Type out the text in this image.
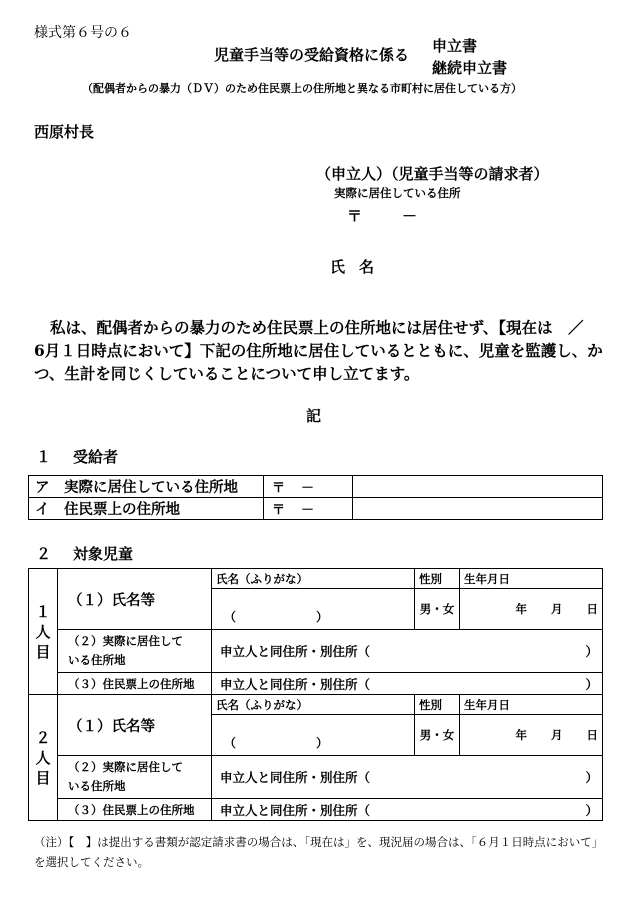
様式第６号の６
児童手当等の受給資格に係る 申立書
継続申立書
（配偶者からの暴力（ＤＶ）のため住民票上の住所地と異なる市町村に居住している方）
西原村長
（申立人）（児童手当等の請求者）
実際に居住している住所
〒	－
氏名
私は、配偶者からの暴力のため住民票上の住所地には居住せず、【現在は　／　6月１日時点において】下記の住所地に居住しているとともに、児童を監護し、かつ、生計を同じくしていることについて申し立てます。
記
１ 受給者
ア　実際に居住している住所地	〒 －	
イ　住民票上の住所地	〒 －	
２ 対象児童
１人目	（１）氏名等	氏名（ふりがな）	性別	生年月日
		（ ）	男・女	年 月 日
	（２）実際に居住している住所地	申立人と同住所・別住所（ ）		

	（３）住民票上の住所地	申立人と同住所・別住所（ ）		

２人目	（１）氏名等	氏名（ふりがな）	性別	生年月日
		（ ）	男・女	年 月 日
	（２）実際に居住している住所地	申立人と同住所・別住所（ ）		

	（３）住民票上の住所地	申立人と同住所・別住所（ ）		
（注）【　】は提出する書類が認定請求書の場合は、「現在は」を、現況届の場合は、「６月１日時点において」を選択してください。
